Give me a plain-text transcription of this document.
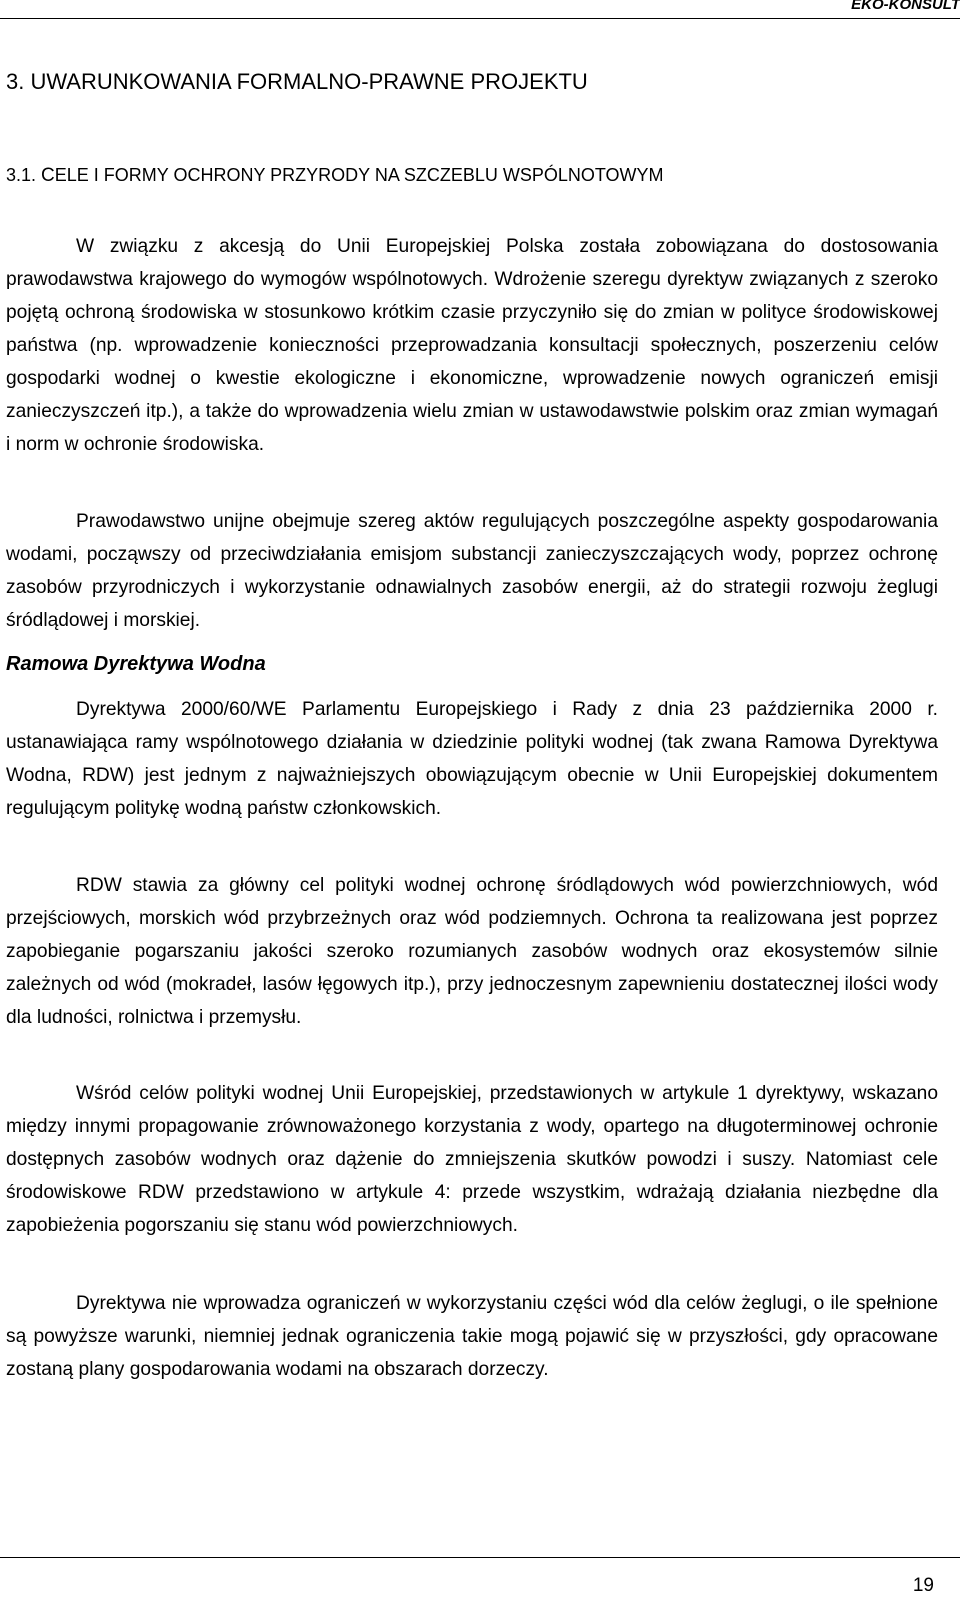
EKO-KONSULT
3. UWARUNKOWANIA FORMALNO-PRAWNE PROJEKTU
3.1. CELE I FORMY OCHRONY PRZYRODY NA SZCZEBLU WSPÓLNOTOWYM

W związku z akcesją do Unii Europejskiej Polska została zobowiązana do dostosowania prawodawstwa krajowego do wymogów wspólnotowych. Wdrożenie szeregu dyrektyw związanych z szeroko pojętą ochroną środowiska w stosunkowo krótkim czasie przyczyniło się do zmian w polityce środowiskowej państwa (np. wprowadzenie konieczności przeprowadzania konsultacji społecznych, poszerzeniu celów gospodarki wodnej o kwestie ekologiczne i ekonomiczne, wprowadzenie nowych ograniczeń emisji zanieczyszczeń itp.), a także do wprowadzenia wielu zmian w ustawodawstwie polskim oraz zmian wymagań i norm w ochronie środowiska.

Prawodawstwo unijne obejmuje szereg aktów regulujących poszczególne aspekty gospodarowania wodami, począwszy od przeciwdziałania emisjom substancji zanieczyszczających wody, poprzez ochronę zasobów przyrodniczych i wykorzystanie odnawialnych zasobów energii, aż do strategii rozwoju żeglugi śródlądowej i morskiej.

Ramowa Dyrektywa Wodna

Dyrektywa 2000/60/WE Parlamentu Europejskiego i Rady z dnia 23 października 2000 r. ustanawiająca ramy wspólnotowego działania w dziedzinie polityki wodnej (tak zwana Ramowa Dyrektywa Wodna, RDW) jest jednym z najważniejszych obowiązującym obecnie w Unii Europejskiej dokumentem regulującym politykę wodną państw członkowskich.

RDW stawia za główny cel polityki wodnej ochronę śródlądowych wód powierzchniowych, wód przejściowych, morskich wód przybrzeżnych oraz wód podziemnych. Ochrona ta realizowana jest poprzez zapobieganie pogarszaniu jakości szeroko rozumianych zasobów wodnych oraz ekosystemów silnie zależnych od wód (mokradeł, lasów łęgowych itp.), przy jednoczesnym zapewnieniu dostatecznej ilości wody dla ludności, rolnictwa i przemysłu.

Wśród celów polityki wodnej Unii Europejskiej, przedstawionych w artykule 1 dyrektywy, wskazano między innymi propagowanie zrównoważonego korzystania z wody, opartego na długoterminowej ochronie dostępnych zasobów wodnych oraz dążenie do zmniejszenia skutków powodzi i suszy. Natomiast cele środowiskowe RDW przedstawiono w artykule 4: przede wszystkim, wdrażają działania niezbędne dla zapobieżenia pogorszaniu się stanu wód powierzchniowych.

Dyrektywa nie wprowadza ograniczeń w wykorzystaniu części wód dla celów żeglugi, o ile spełnione są powyższe warunki, niemniej jednak ograniczenia takie mogą pojawić się w przyszłości, gdy opracowane zostaną plany gospodarowania wodami na obszarach dorzeczy.

19
